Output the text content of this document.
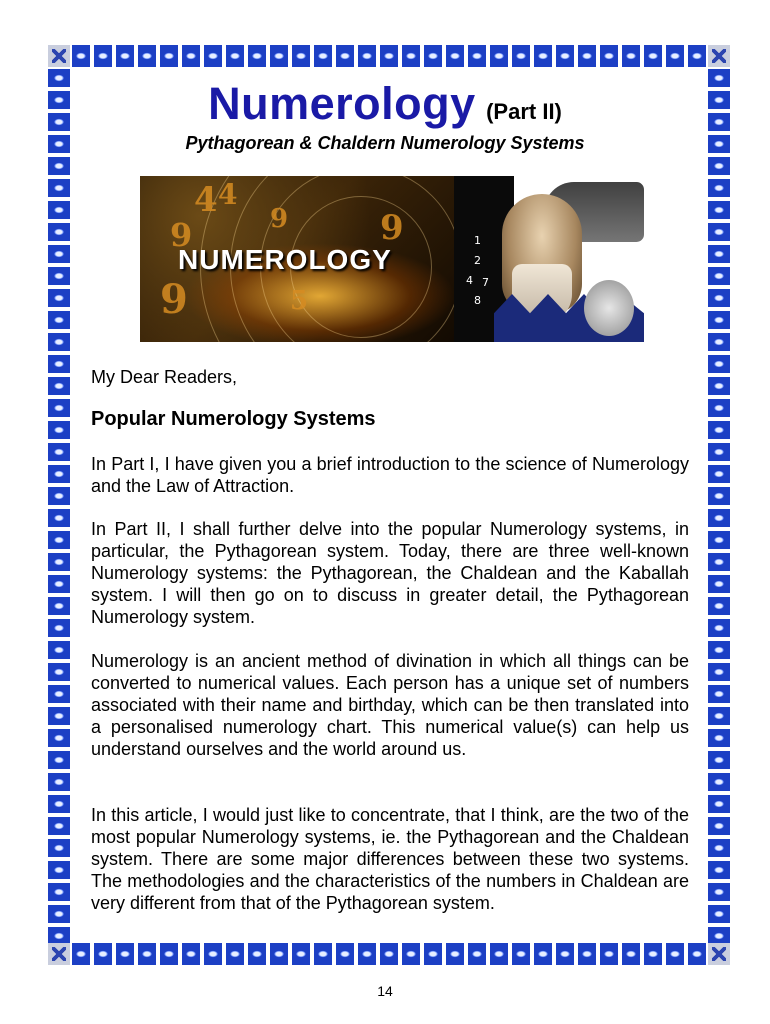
Numerology (Part II)
Pythagorean & Chaldern Numerology Systems
4 4
9	9	9
9	5
NUMEROLOGY
1
2
4
8
7
My Dear Readers,
Popular Numerology Systems

In Part I, I have given you a brief introduction to the science of Numerology and the Law of Attraction.

In Part II, I shall further delve into the popular Numerology systems, in particular, the Pythagorean system. Today, there are three well-known Numerology systems: the Pythagorean, the Chaldean and the Kaballah system. I will then go on to discuss in greater detail, the Pythagorean Numerology system.

Numerology is an ancient method of divination in which all things can be converted to numerical values. Each person has a unique set of numbers associated with their name and birthday, which can be then translated into a personalised numerology chart. This numerical value(s) can help us understand ourselves and the world around us.

In this article, I would just like to concentrate, that I think, are the two of the most popular Numerology systems, ie. the Pythagorean and the Chaldean system. There are some major differences between these two systems. The methodologies and the characteristics of the numbers in Chaldean are very different from that of the Pythagorean system.

14
